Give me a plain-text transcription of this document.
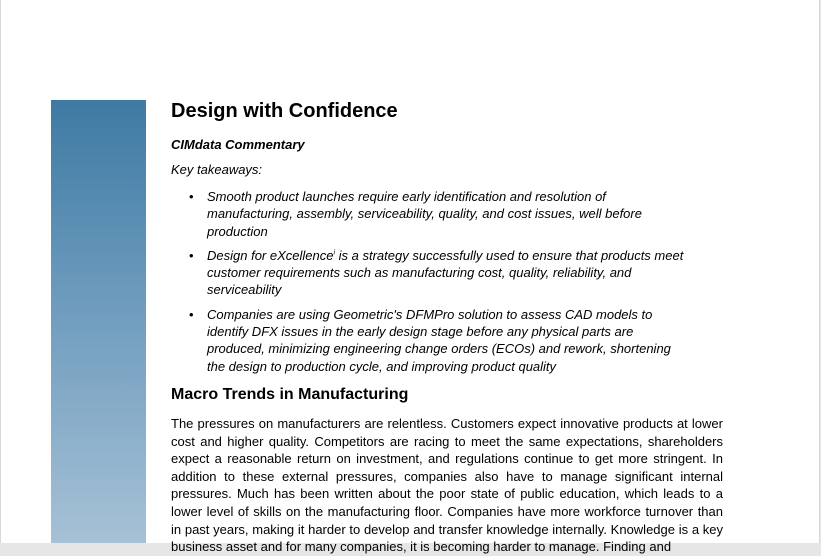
Design with Confidence

CIMdata Commentary

Key takeaways:

• Smooth product launches require early identification and resolution of manufacturing, assembly, serviceability, quality, and cost issues, well before production
• Design for eXcellence$^i$ is a strategy successfully used to ensure that products meet customer requirements such as manufacturing cost, quality, reliability, and serviceability
• Companies are using Geometric's DFMPro solution to assess CAD models to identify DFX issues in the early design stage before any physical parts are produced, minimizing engineering change orders (ECOs) and rework, shortening the design to production cycle, and improving product quality
Macro Trends in Manufacturing

The pressures on manufacturers are relentless. Customers expect innovative products at lower cost and higher quality. Competitors are racing to meet the same expectations, shareholders expect a reasonable return on investment, and regulations continue to get more stringent. In addition to these external pressures, companies also have to manage significant internal pressures. Much has been written about the poor state of public education, which leads to a lower level of skills on the manufacturing floor. Companies have more workforce turnover than in past years, making it harder to develop and transfer knowledge internally. Knowledge is a key business asset and for many companies, it is becoming harder to manage. Finding and
